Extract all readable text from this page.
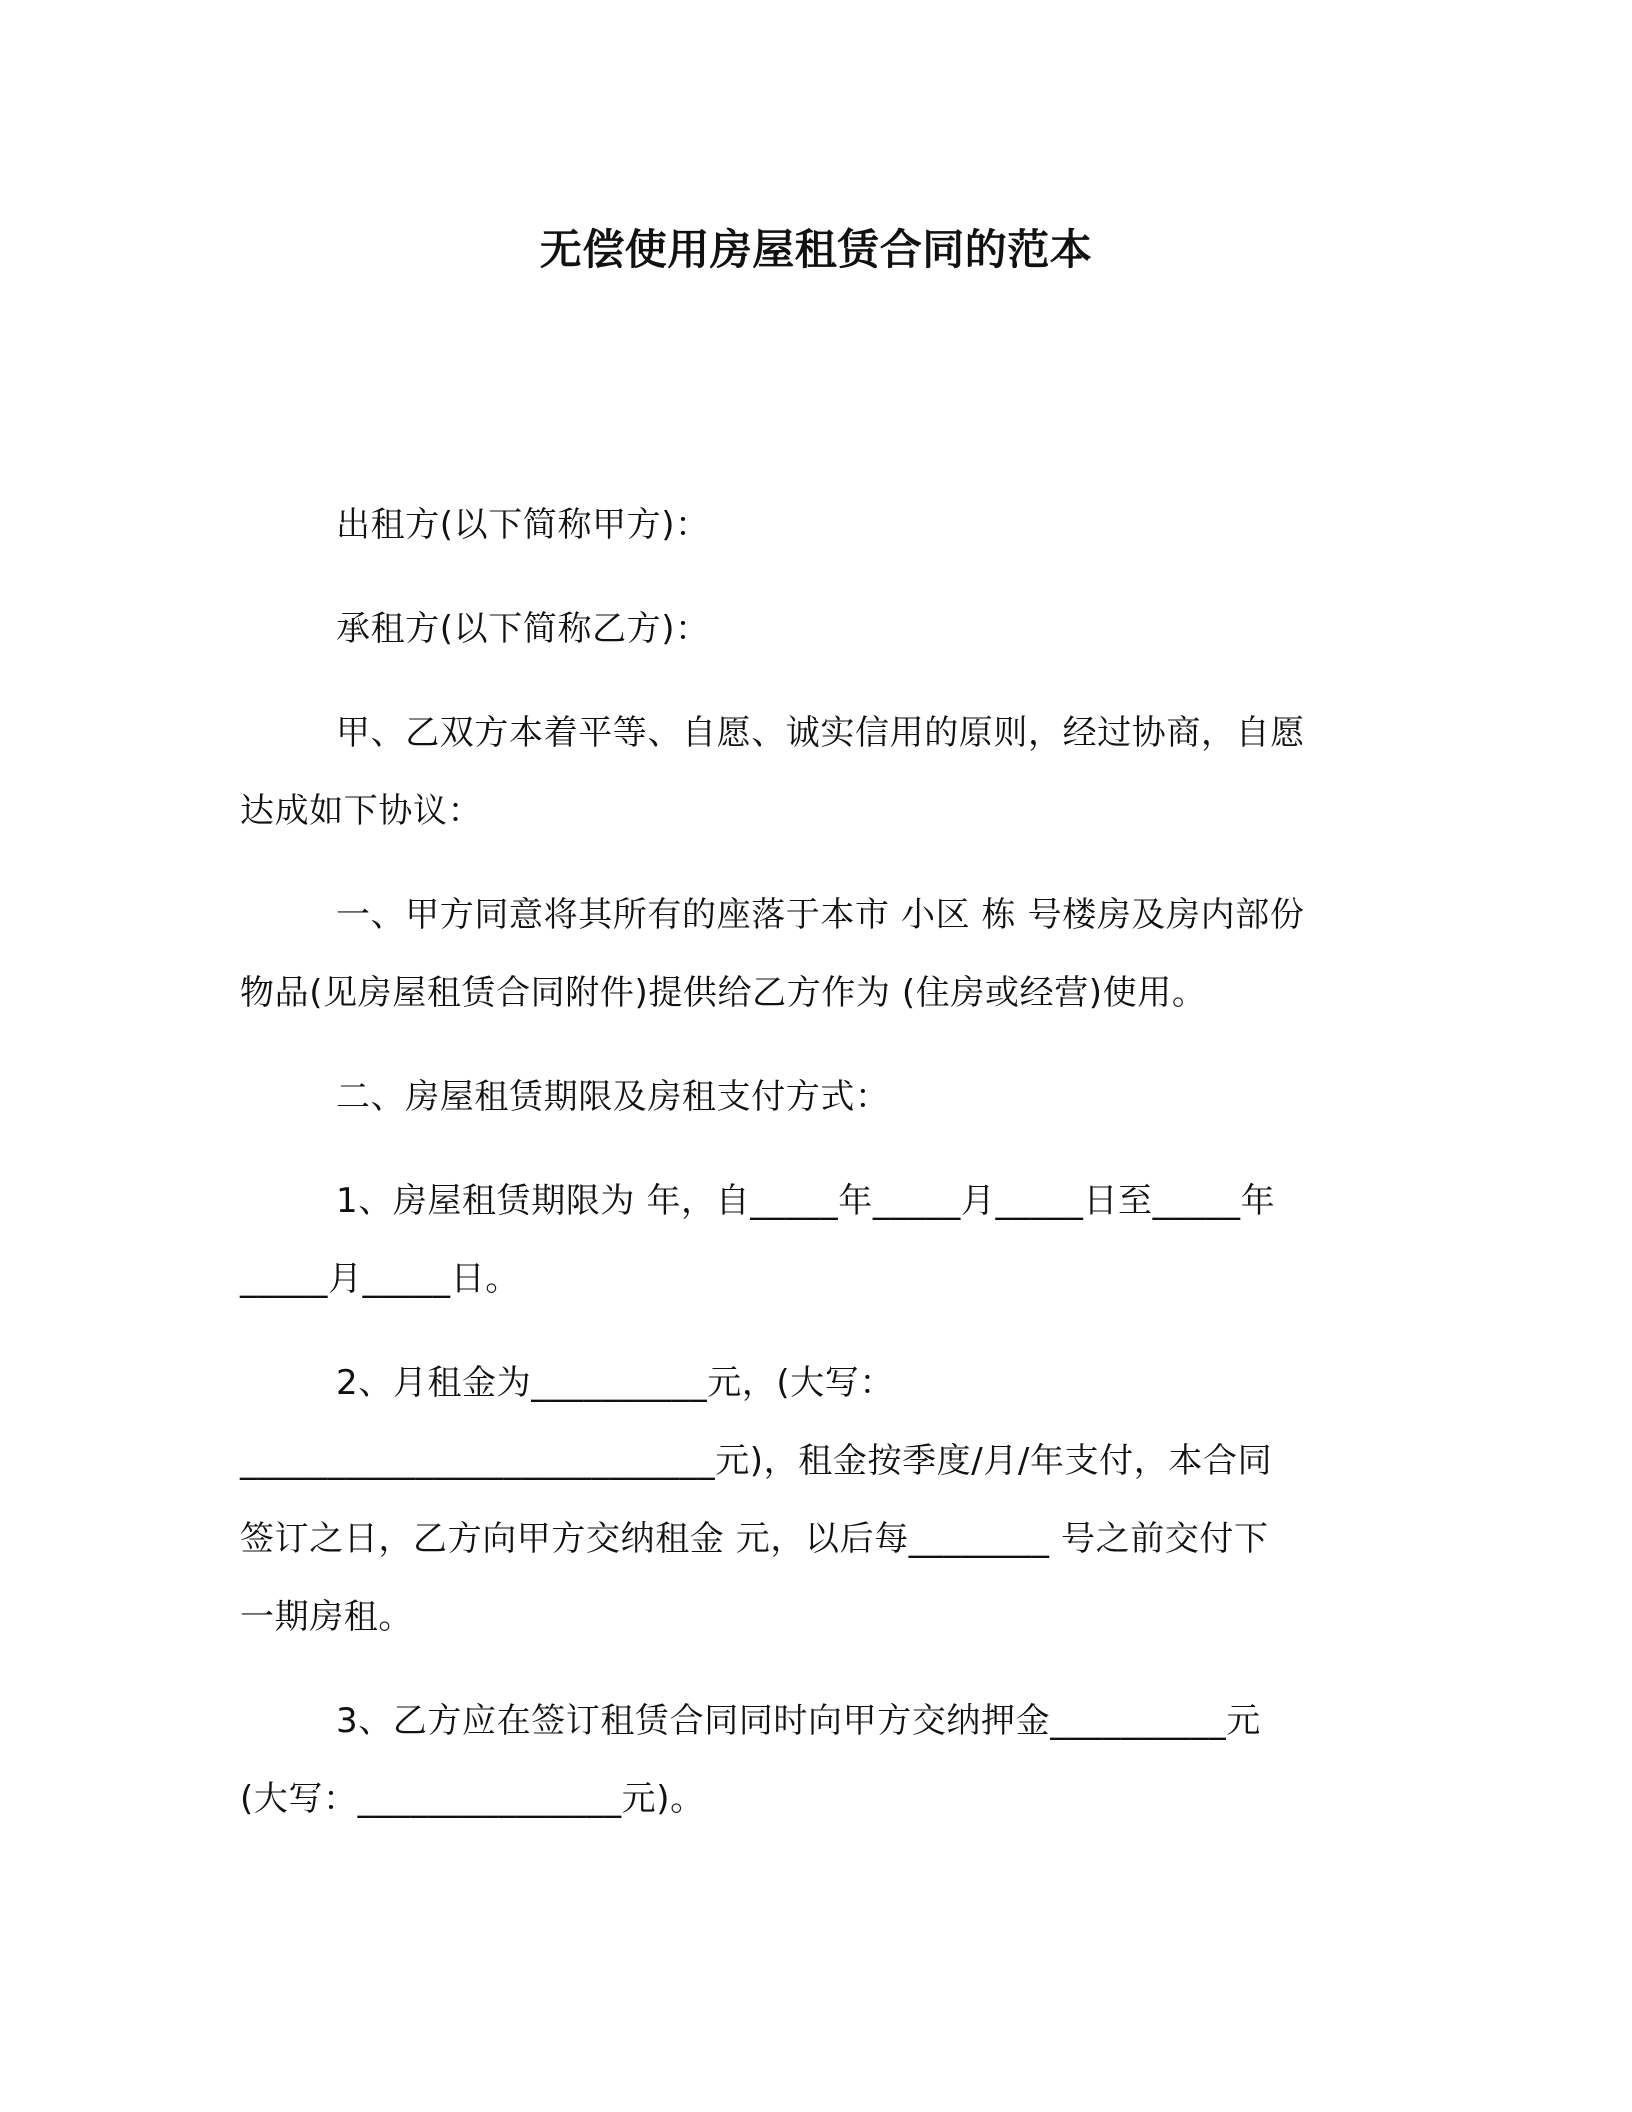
无偿使用房屋租赁合同的范本

出租方(以下简称甲方)：

承租方(以下简称乙方)：

甲、乙双方本着平等、自愿、诚实信用的原则，经过协商，自愿
达成如下协议：

一、甲方同意将其所有的座落于本市 小区 栋 号楼房及房内部份
物品(见房屋租赁合同附件)提供给乙方作为 (住房或经营)使用。

二、房屋租赁期限及房租支付方式：

1、房屋租赁期限为 年，自_____年_____月_____日至_____年
_____月_____日。

2、月租金为__________元，(大写：
___________________________元)，租金按季度/月/年支付，本合同
签订之日，乙方向甲方交纳租金 元，以后每________ 号之前交付下
一期房租。

3、乙方应在签订租赁合同同时向甲方交纳押金__________元
(大写：_______________元)。
